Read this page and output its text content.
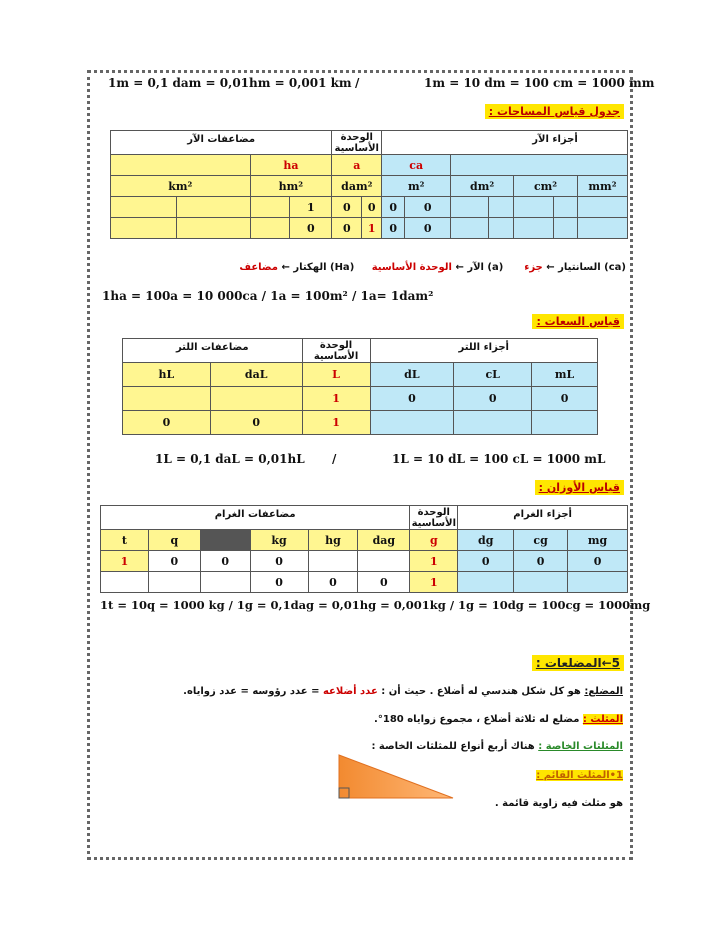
1m = 0,1 dam = 0,01hm = 0,001 km /	1m = 10 dm = 100 cm = 1000 mm
جدول قياس المساحات :
مضاعفات الآر				الوحدة الأساسية		أجزاء الآر						
		ha		a		ca						
km²		hm²		dam²		m²		dm²		cm²		mm²
			1	0	0	0	0					
			0	0	1	0	0					
(ca) السانتيار ← جزء      (a) الآر ← الوحدة الأساسية     (Ha) الهكتار ← مضاعف
1ha = 100a = 10 000ca / 1a = 100m² / 1a= 1dam²
قياس السعات :
مضاعفات اللتر		الوحدة الأساسية	أجزاء اللتر		
hL	daL	L	dL	cL	mL
		1	0	0	0
0	0	1			
1L = 0,1 daL = 0,01hL /	1L = 10 dL = 100 cL = 1000 mL
قياس الأوزان :
مضاعفات الغرام						الوحدة الأساسية	أجزاء الغرام		
t	q		kg	hg	dag	g	dg	cg	mg
1	0	0	0			1	0	0	0
			0	0	0	1			
1t = 10q = 1000 kg / 1g = 0,1dag = 0,01hg = 0,001kg / 1g = 10dg = 100cg = 1000mg
5←المضلعات :
المضلع: هو كل شكل هندسي له أضلاع . حيث أن : عدد أضلاعه = عدد رؤوسه = عدد زواياه.
المثلث : مضلع له ثلاثة أضلاع ، مجموع زواياه 180°.
المثلثات الخاصة : هناك أربع أنواع للمثلثات الخاصة :
1•المثلث القائم :
هو مثلث فيه زاوية قائمة .
